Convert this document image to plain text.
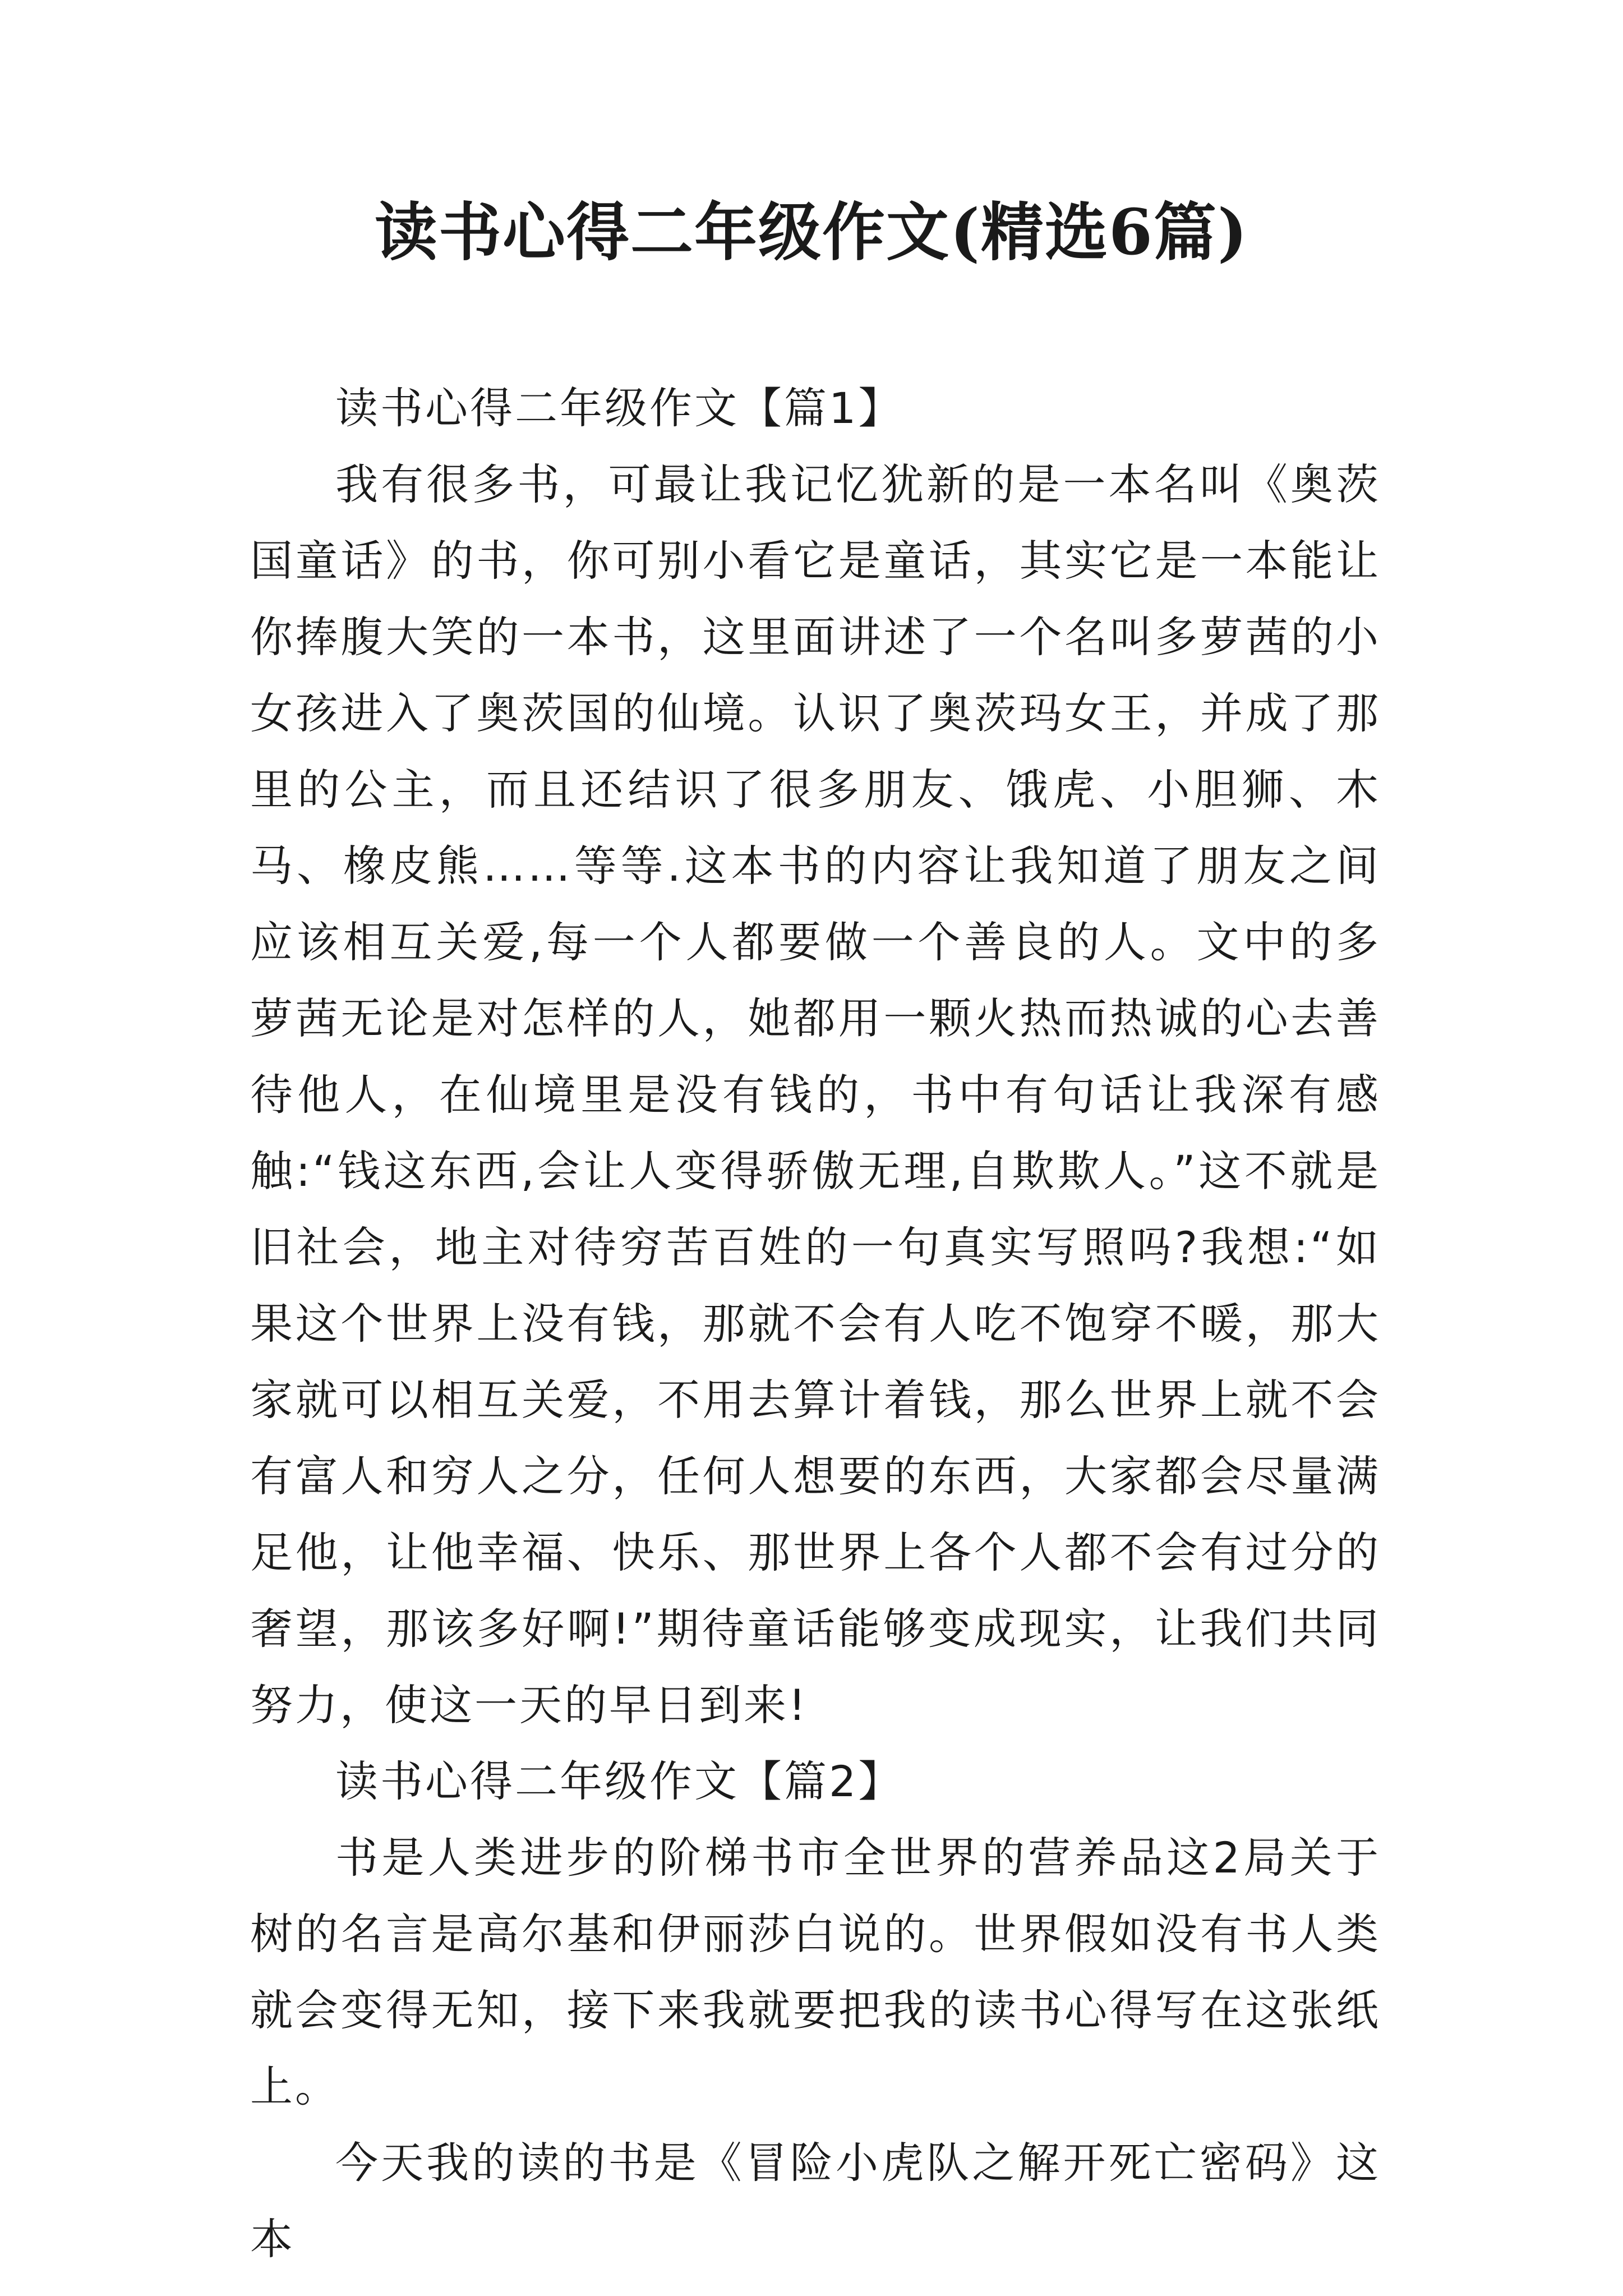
读书心得二年级作文(精选6篇)

读书心得二年级作文【篇1】

我有很多书，可最让我记忆犹新的是一本名叫《奥茨国童话》的书，你可别小看它是童话，其实它是一本能让你捧腹大笑的一本书，这里面讲述了一个名叫多萝茜的小女孩进入了奥茨国的仙境。认识了奥茨玛女王，并成了那里的公主，而且还结识了很多朋友、饿虎、小胆狮、木马、橡皮熊……等等.这本书的内容让我知道了朋友之间应该相互关爱,每一个人都要做一个善良的人。文中的多萝茜无论是对怎样的人，她都用一颗火热而热诚的心去善待他人，在仙境里是没有钱的，书中有句话让我深有感触:“钱这东西,会让人变得骄傲无理,自欺欺人。”这不就是旧社会，地主对待穷苦百姓的一句真实写照吗?我想:“如果这个世界上没有钱，那就不会有人吃不饱穿不暖，那大家就可以相互关爱，不用去算计着钱，那么世界上就不会有富人和穷人之分，任何人想要的东西，大家都会尽量满足他，让他幸福、快乐、那世界上各个人都不会有过分的奢望，那该多好啊!”期待童话能够变成现实，让我们共同努力，使这一天的早日到来!

读书心得二年级作文【篇2】

书是人类进步的阶梯书市全世界的营养品这2局关于树的名言是高尔基和伊丽莎白说的。世界假如没有书人类就会变得无知，接下来我就要把我的读书心得写在这张纸上。

今天我的读的书是《冒险小虎队之解开死亡密码》这本
